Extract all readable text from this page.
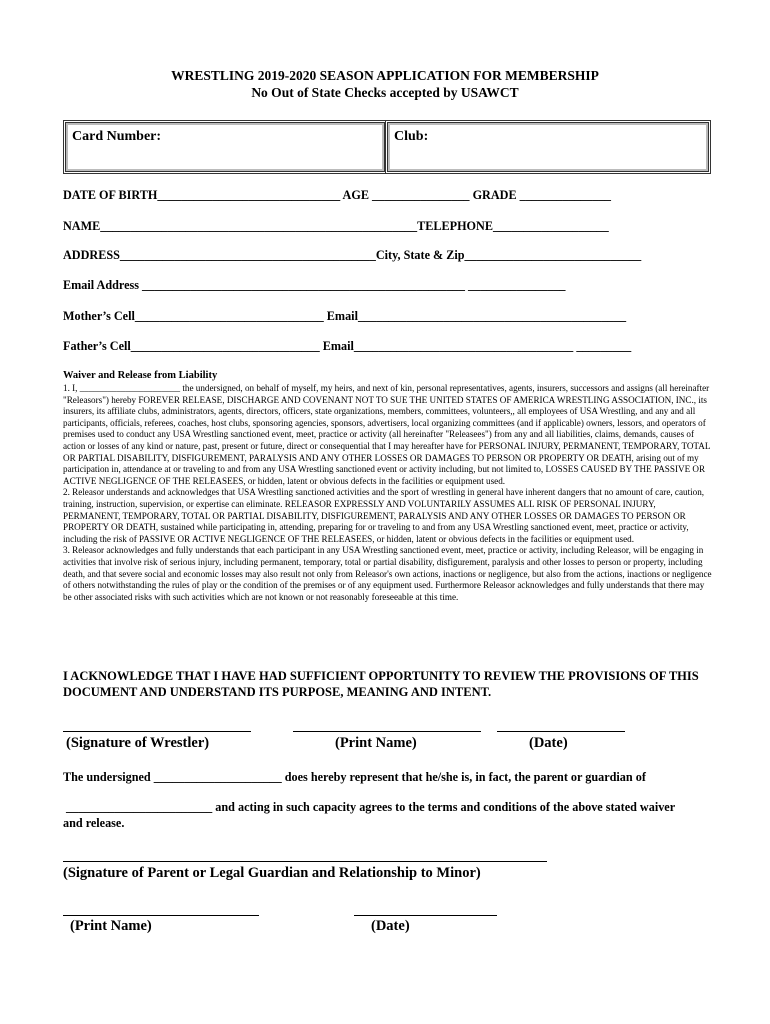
WRESTLING 2019-2020 SEASON APPLICATION FOR MEMBERSHIP
No Out of State Checks accepted by USAWCT
Card Number:	Club:
DATE OF BIRTH______________________________ AGE ________________ GRADE _______________
NAME____________________________________________________TELEPHONE___________________
ADDRESS__________________________________________City, State & Zip_____________________________
Email Address _____________________________________________________ ________________
Mother’s Cell_______________________________ Email____________________________________________
Father’s Cell_______________________________ Email____________________________________ _________
Waiver and Release from Liability

1. I, ______________________ the undersigned, on behalf of myself, my heirs, and next of kin, personal representatives, agents, insurers, successors and assigns (all hereinafter "Releasors") hereby FOREVER RELEASE, DISCHARGE AND COVENANT NOT TO SUE THE UNITED STATES OF AMERICA WRESTLING ASSOCIATION, INC., its insurers, its affiliate clubs, administrators, agents, directors, officers, state organizations, members, committees, volunteers,, all employees of USA Wrestling, and any and all participants, officials, referees, coaches, host clubs, sponsoring agencies, sponsors, advertisers, local organizing committees (and if applicable) owners, lessors, and operators of premises used to conduct any USA Wrestling sanctioned event, meet, practice or activity (all hereinafter "Releasees") from any and all liabilities, claims, demands, causes of action or losses of any kind or nature, past, present or future, direct or consequential that I may hereafter have for PERSONAL INJURY, PERMANENT, TEMPORARY, TOTAL OR PARTIAL DISABILITY, DISFIGUREMENT, PARALYSIS AND ANY OTHER LOSSES OR DAMAGES TO PERSON OR PROPERTY OR DEATH, arising out of my participation in, attendance at or traveling to and from any USA Wrestling sanctioned event or activity including, but not limited to, LOSSES CAUSED BY THE PASSIVE OR ACTIVE NEGLIGENCE OF THE RELEASEES, or hidden, latent or obvious defects in the facilities or equipment used.

2. Releasor understands and acknowledges that USA Wrestling sanctioned activities and the sport of wrestling in general have inherent dangers that no amount of care, caution, training, instruction, supervision, or expertise can eliminate. RELEASOR EXPRESSLY AND VOLUNTARILY ASSUMES ALL RISK OF PERSONAL INJURY, PERMANENT, TEMPORARY, TOTAL OR PARTIAL DISABILITY, DISFIGUREMENT, PARALYSIS AND ANY OTHER LOSSES OR DAMAGES TO PERSON OR PROPERTY OR DEATH, sustained while participating in, attending, preparing for or traveling to and from any USA Wrestling sanctioned event, meet, practice or activity, including the risk of PASSIVE OR ACTIVE NEGLIGENCE OF THE RELEASEES, or hidden, latent or obvious defects in the facilities or equipment used.

3. Releasor acknowledges and fully understands that each participant in any USA Wrestling sanctioned event, meet, practice or activity, including Releasor, will be engaging in activities that involve risk of serious injury, including permanent, temporary, total or partial disability, disfigurement, paralysis and other losses to person or property, including death, and that severe social and economic losses may also result not only from Releasor's own actions, inactions or negligence, but also from the actions, inactions or negligence of others notwithstanding the rules of play or the condition of the premises or of any equipment used. Furthermore Releasor acknowledges and fully understands that there may be other associated risks with such activities which are not known or not reasonably foreseeable at this time.

I ACKNOWLEDGE THAT I HAVE HAD SUFFICIENT OPPORTUNITY TO REVIEW THE PROVISIONS OF THIS DOCUMENT AND UNDERSTAND ITS PURPOSE, MEANING AND INTENT.
(Signature of Wrestler)	(Print Name)	(Date)
The undersigned _____________________ does hereby represent that he/she is, in fact, the parent or guardian of
________________________ and acting in such capacity agrees to the terms and conditions of the above stated waiver
and release.
(Signature of Parent or Legal Guardian and Relationship to Minor)
(Print Name)	(Date)
